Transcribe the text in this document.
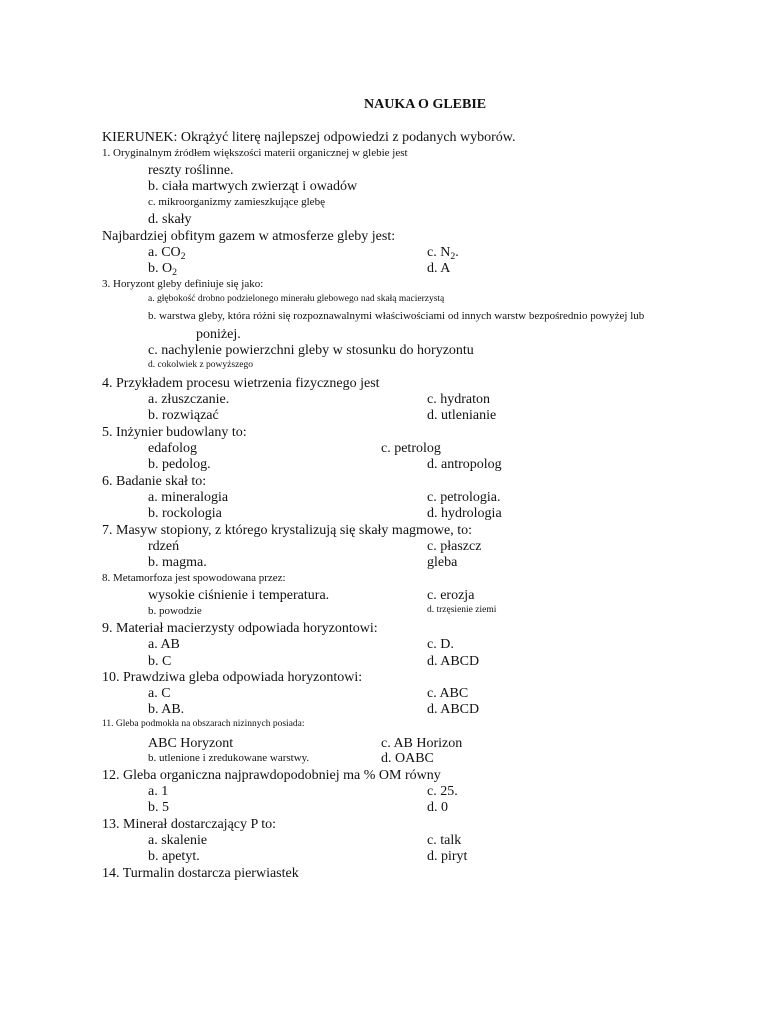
NAUKA O GLEBIE
KIERUNEK: Okrążyć literę najlepszej odpowiedzi z podanych wyborów.
1. Oryginalnym źródłem większości materii organicznej w glebie jest
reszty roślinne.
b. ciała martwych zwierząt i owadów
c. mikroorganizmy zamieszkujące glebę
d. skały
Najbardziej obfitym gazem w atmosferze gleby jest:
a. $CO_2$	c. $N_2$.
b. $O_2$	d. A
3. Horyzont gleby definiuje się jako:
a. głębokość drobno podzielonego minerału glebowego nad skałą macierzystą
b. warstwa gleby, która różni się rozpoznawalnymi właściwościami od innych warstw bezpośrednio powyżej lub
poniżej.
c. nachylenie powierzchni gleby w stosunku do horyzontu
d. cokolwiek z powyższego
4. Przykładem procesu wietrzenia fizycznego jest
a. złuszczanie.	c. hydraton
b. rozwiązać	d. utlenianie
5. Inżynier budowlany to:
edafolog	c. petrolog
b. pedolog.	d. antropolog
6. Badanie skał to:
a. mineralogia	c. petrologia.
b. rockologia	d. hydrologia
7. Masyw stopiony, z którego krystalizują się skały magmowe, to:
rdzeń	c. płaszcz
b. magma.	gleba
8. Metamorfoza jest spowodowana przez:
wysokie ciśnienie i temperatura.	c. erozja
b. powodzie	d. trzęsienie ziemi
9. Materiał macierzysty odpowiada horyzontowi:
a. AB	c. D.
b. C	d. ABCD
10. Prawdziwa gleba odpowiada horyzontowi:
a. C	c. ABC
b. AB.	d. ABCD
11. Gleba podmokła na obszarach nizinnych posiada:
ABC Horyzont	c. AB Horizon
b. utlenione i zredukowane warstwy.	d. OABC
12. Gleba organiczna najprawdopodobniej ma % OM równy
a. 1	c. 25.
b. 5	d. 0
13. Minerał dostarczający P to:
a. skalenie	c. talk
b. apetyt.	d. piryt
14. Turmalin dostarcza pierwiastek
